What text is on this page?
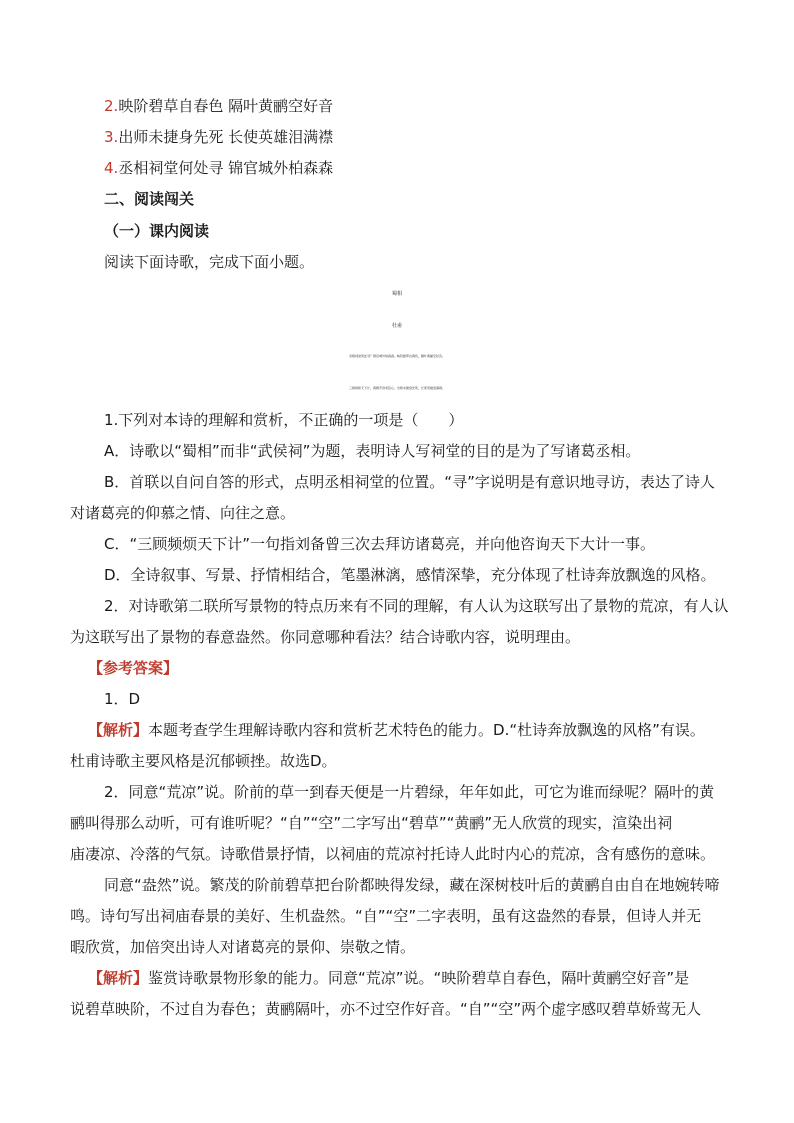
2.映阶碧草自春色 隔叶黄鹂空好音
3.出师未捷身先死 长使英雄泪满襟
4.丞相祠堂何处寻 锦官城外柏森森
二、阅读闯关
（一）课内阅读
阅读下面诗歌，完成下面小题。
蜀相
杜甫
丞相祠堂何处寻？锦官城外柏森森。映阶碧草自春色，隔叶黄鹂空好音。
三顾频烦天下计，两朝开济老臣心。出师未捷身先死，长使英雄泪满襟。
1.下列对本诗的理解和赏析，不正确的一项是（　　）
A．诗歌以“蜀相”而非“武侯祠”为题，表明诗人写祠堂的目的是为了写诸葛丞相。
B．首联以自问自答的形式，点明丞相祠堂的位置。“寻”字说明是有意识地寻访，表达了诗人
对诸葛亮的仰慕之情、向往之意。
C．“三顾频烦天下计”一句指刘备曾三次去拜访诸葛亮，并向他咨询天下大计一事。
D．全诗叙事、写景、抒情相结合，笔墨淋漓，感情深挚，充分体现了杜诗奔放飘逸的风格。
2．对诗歌第二联所写景物的特点历来有不同的理解，有人认为这联写出了景物的荒凉，有人认
为这联写出了景物的春意盎然。你同意哪种看法？结合诗歌内容，说明理由。
【参考答案】
1．D
【解析】本题考查学生理解诗歌内容和赏析艺术特色的能力。D.“杜诗奔放飘逸的风格”有误。
杜甫诗歌主要风格是沉郁顿挫。故选D。
2．同意“荒凉”说。阶前的草一到春天便是一片碧绿，年年如此，可它为谁而绿呢？隔叶的黄
鹂叫得那么动听，可有谁听呢？“自”“空”二字写出“碧草”“黄鹂”无人欣赏的现实，渲染出祠
庙凄凉、冷落的气氛。诗歌借景抒情，以祠庙的荒凉衬托诗人此时内心的荒凉，含有感伤的意味。
同意“盎然”说。繁茂的阶前碧草把台阶都映得发绿，藏在深树枝叶后的黄鹂自由自在地婉转啼
鸣。诗句写出祠庙春景的美好、生机盎然。“自”“空”二字表明，虽有这盎然的春景，但诗人并无
暇欣赏，加倍突出诗人对诸葛亮的景仰、崇敬之情。
【解析】鉴赏诗歌景物形象的能力。同意“荒凉”说。“映阶碧草自春色，隔叶黄鹂空好音”是
说碧草映阶，不过自为春色；黄鹂隔叶，亦不过空作好音。“自”“空”两个虚字感叹碧草娇莺无人
